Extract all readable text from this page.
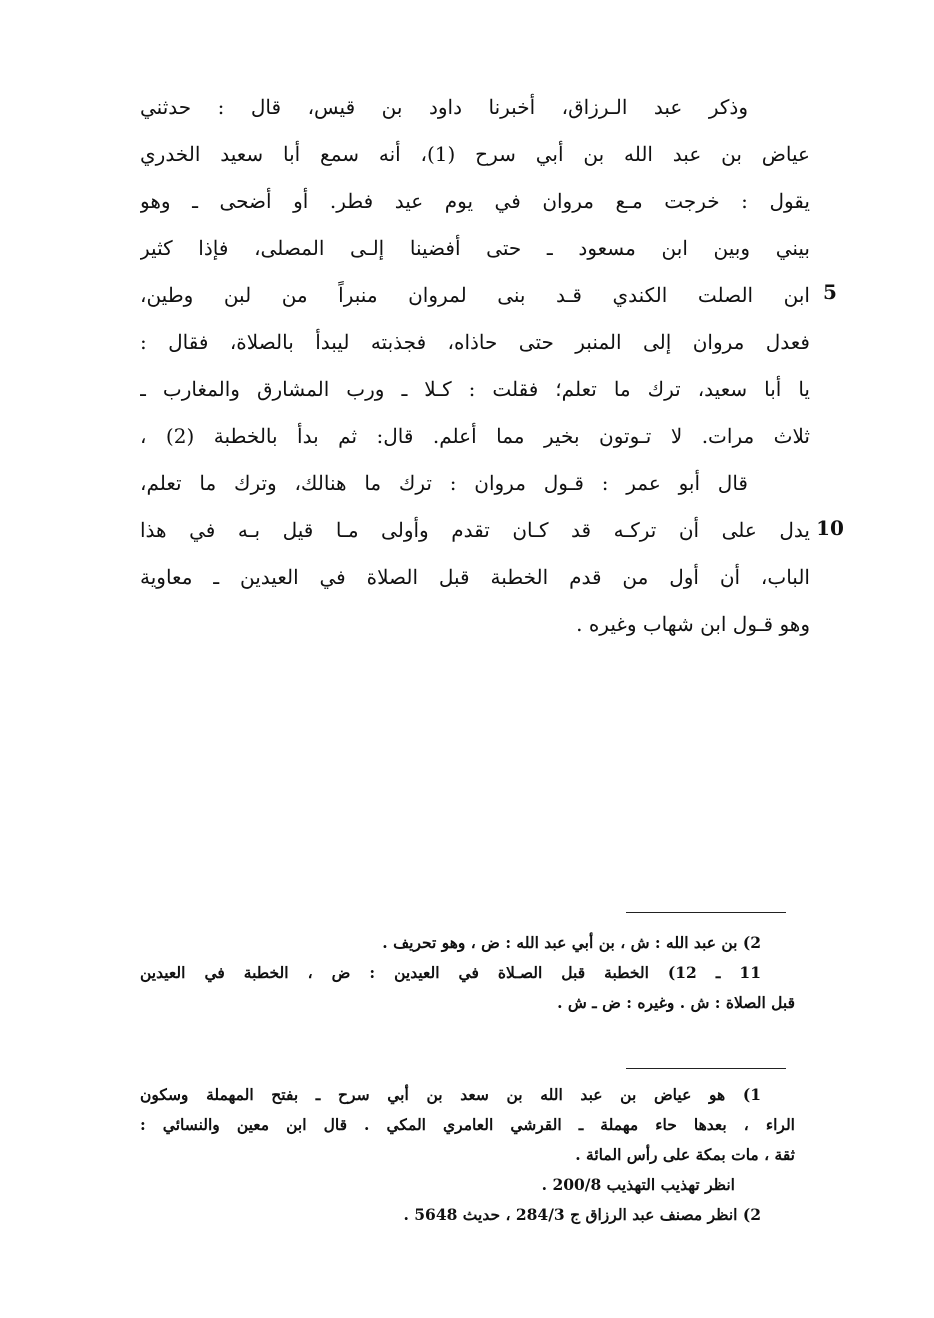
وذكر عبد الـرزاق، أخبرنا داود بن قيس، قال : حدثني
عياض بن عبد الله بن أبي سرح (1)، أنه سمع أبا سعيد الخدري
يقول : خرجت مـع مروان في يوم عيد فطر. أو أضحى ـ وهو
بيني وبين ابن مسعود ـ حتى أفضينا إلـى المصلى، فإذا كثير
ابن الصلت الكندي قـد بنى لمروان منبراً من لبن وطين،
فعدل مروان إلى المنبر حتى حاذاه، فجذبته ليبدأ بالصلاة، فقال :
يا أبا سعيد، ترك ما تعلم؛ فقلت : كـلا ـ ورب المشارق والمغارب ـ
ثلاث مرات. لا تـوتون بخير مما أعلم. قال: ثم بدأ بالخطبة (2) ،
قال أبو عمر : قـول مروان : ترك ما هنالك، وترك ما تعلم،
يدل على أن تركـه قد كـان تقدم وأولى مـا قيل بـه في هذا
الباب، أن أول من قدم الخطبة قبل الصلاة في العيدين ـ معاوية
وهو قـول ابن شهاب وغيره .
5
10
2) بن عبد الله : ش ، بن أبي عبد الله : ض ، وهو تحريف .
11 ـ 12) الخطبة قبل الصـلاة في العيدين : ض ، الخطبة في العيدين
قبل الصلاة : ش . وغيره : ض ـ ش .
1) هو عياض بن عبد الله بن سعد بن أبي سرح ـ بفتح المهملة وسكون
الراء ، بعدها حاء مهملة ـ القرشي العامري المكي . قال ابن معين والنسائي :
ثقة ، مات بمكة على رأس المائة .
انظر تهذيب التهذيب 200/8 .
2) انظر مصنف عبد الرزاق ج 284/3 ، حديث 5648 .
